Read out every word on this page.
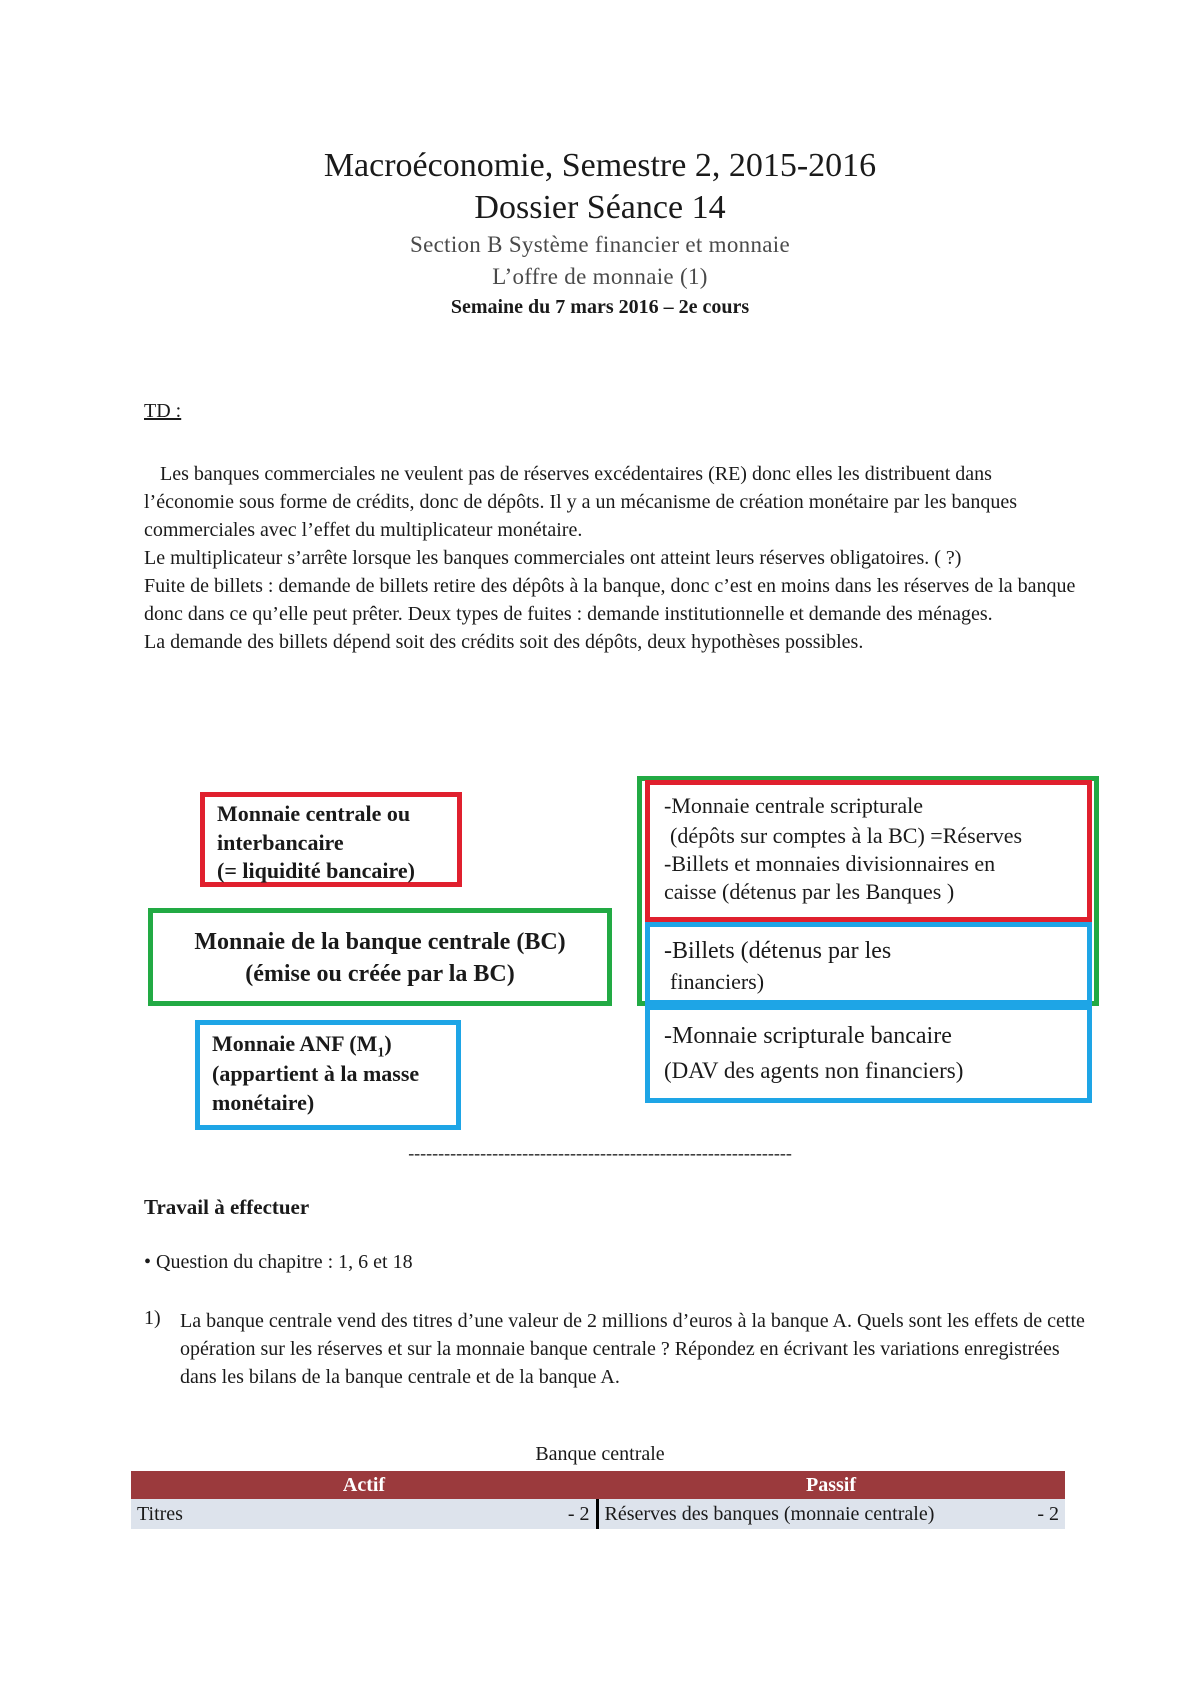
Macroéconomie, Semestre 2, 2015-2016
Dossier Séance 14
Section B Système financier et monnaie
L’offre de monnaie (1)
Semaine du 7 mars 2016 – 2e cours
TD :

Les banques commerciales ne veulent pas de réserves excédentaires (RE) donc elles les distribuent dans l’économie sous forme de crédits, donc de dépôts. Il y a un mécanisme de création monétaire par les banques commerciales avec l’effet du multiplicateur monétaire.

Le multiplicateur s’arrête lorsque les banques commerciales ont atteint leurs réserves obligatoires. ( ?)

Fuite de billets : demande de billets retire des dépôts à la banque, donc c’est en moins dans les réserves de la banque donc dans ce qu’elle peut prêter. Deux types de fuites : demande institutionnelle et demande des ménages.

La demande des billets dépend soit des crédits soit des dépôts, deux hypothèses possibles.

Monnaie centrale ou
interbancaire
(= liquidité bancaire)
Monnaie de la banque centrale (BC)
(émise ou créée par la BC)
Monnaie ANF $(M_1)$
(appartient à la masse
monétaire)
-Monnaie centrale scripturale
(dépôts sur comptes à la BC) =Réserves
-Billets et monnaies divisionnaires en
caisse (détenus par les Banques )
-Billets (détenus par les
financiers)
-Monnaie scripturale bancaire
(DAV des agents non financiers)
----------------------------------------------------------------
Travail à effectuer
• Question du chapitre : 1, 6 et 18
1) La banque centrale vend des titres d’une valeur de 2 millions d’euros à la banque A. Quels sont les effets de cette opération sur les réserves et sur la monnaie banque centrale ? Répondez en écrivant les variations enregistrées dans les bilans de la banque centrale et de la banque A.
Banque centrale
Actif	Passif
Titres - 2	Réserves des banques (monnaie centrale) - 2
